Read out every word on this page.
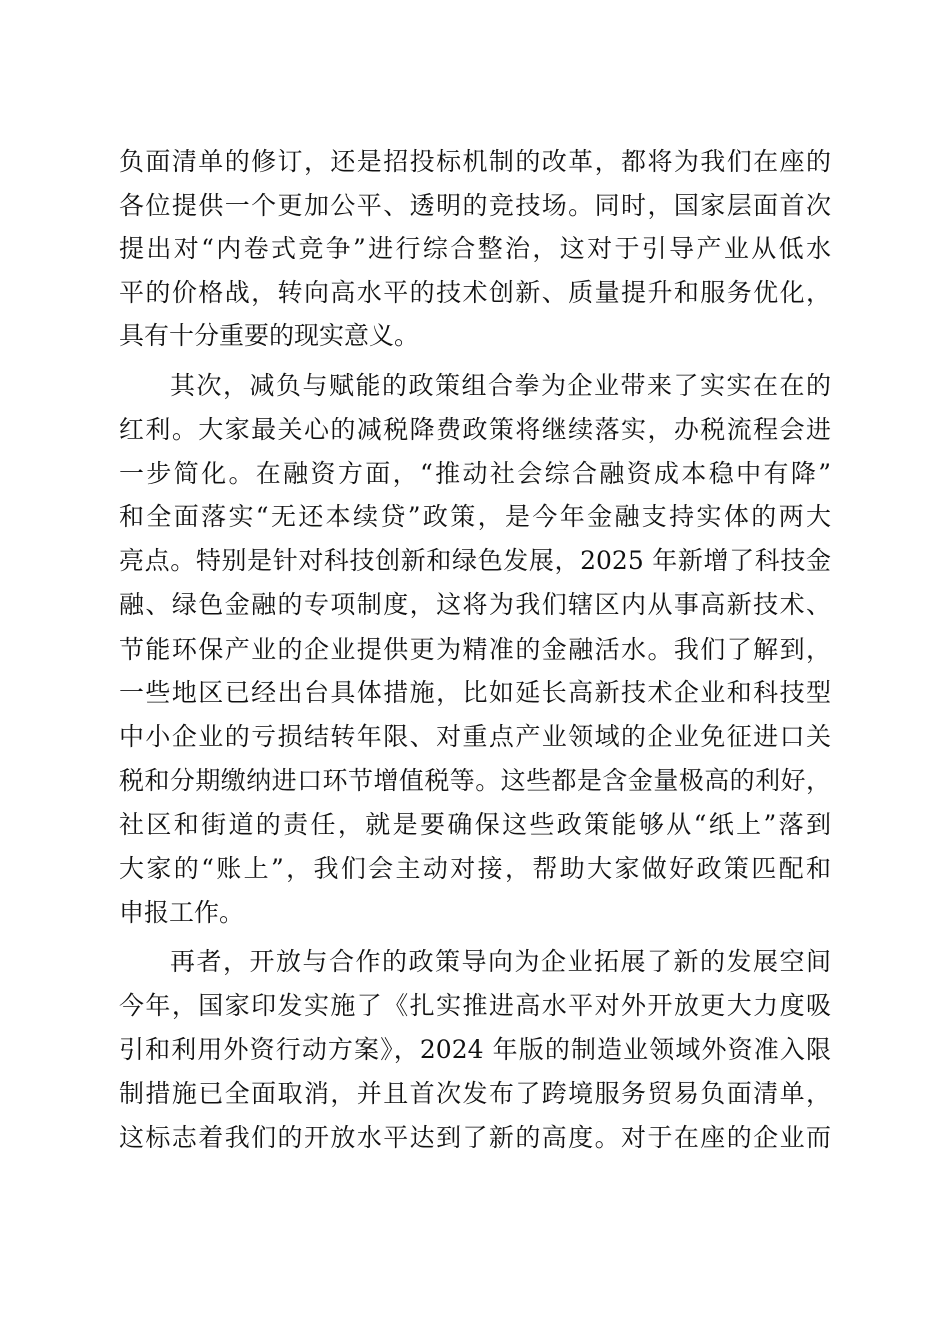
负面清单的修订，还是招投标机制的改革，都将为我们在座的
各位提供一个更加公平、透明的竞技场。同时，国家层面首次
提出对“内卷式竞争”进行综合整治，这对于引导产业从低水
平的价格战，转向高水平的技术创新、质量提升和服务优化，
具有十分重要的现实意义。
其次，减负与赋能的政策组合拳为企业带来了实实在在的
红利。大家最关心的减税降费政策将继续落实，办税流程会进
一步简化。在融资方面，“推动社会综合融资成本稳中有降”
和全面落实“无还本续贷”政策，是今年金融支持实体的两大
亮点。特别是针对科技创新和绿色发展，2025 年新增了科技金
融、绿色金融的专项制度，这将为我们辖区内从事高新技术、
节能环保产业的企业提供更为精准的金融活水。我们了解到，
一些地区已经出台具体措施，比如延长高新技术企业和科技型
中小企业的亏损结转年限、对重点产业领域的企业免征进口关
税和分期缴纳进口环节增值税等。这些都是含金量极高的利好，
社区和街道的责任，就是要确保这些政策能够从“纸上”落到
大家的“账上”，我们会主动对接，帮助大家做好政策匹配和
申报工作。
再者，开放与合作的政策导向为企业拓展了新的发展空间
今年，国家印发实施了《扎实推进高水平对外开放更大力度吸
引和利用外资行动方案》，2024 年版的制造业领域外资准入限
制措施已全面取消，并且首次发布了跨境服务贸易负面清单，
这标志着我们的开放水平达到了新的高度。对于在座的企业而
